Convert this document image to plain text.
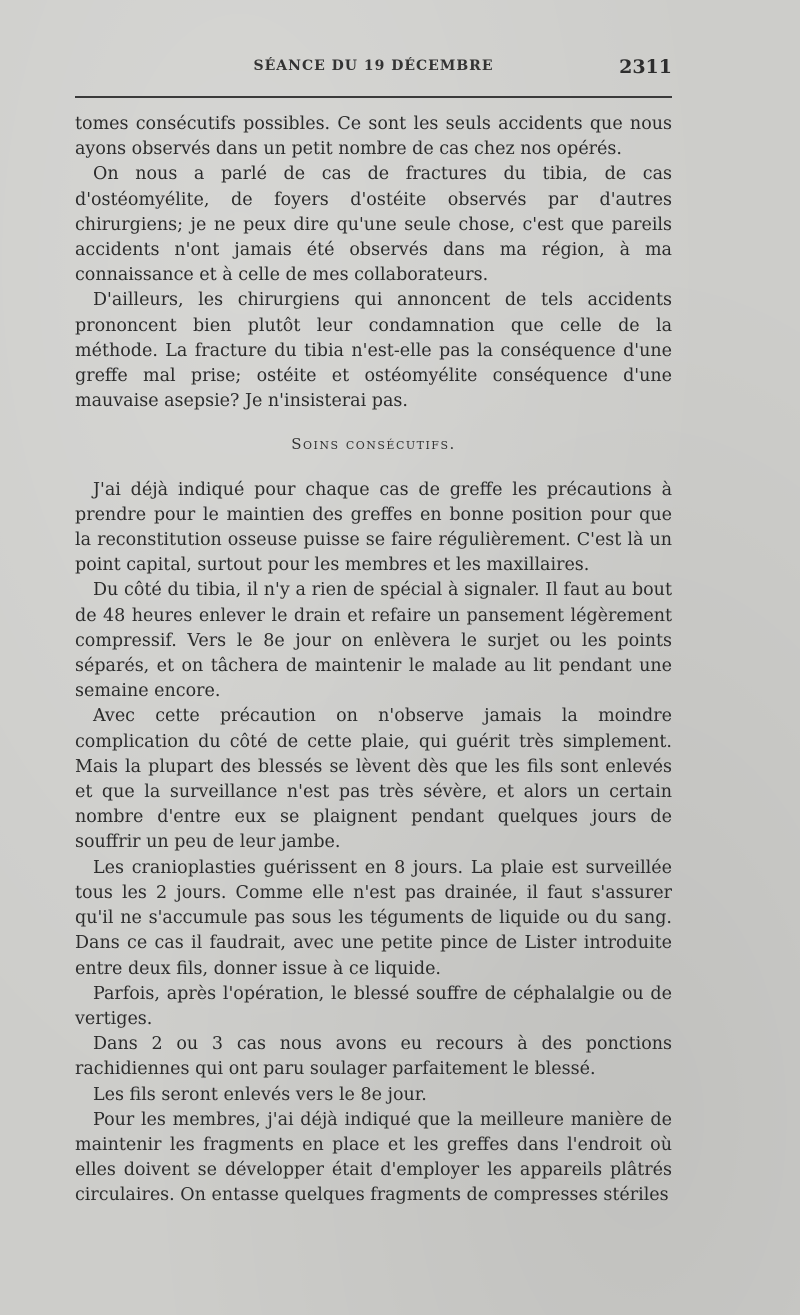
SÉANCE DU 19 DÉCEMBRE	2311

tomes consécutifs possibles. Ce sont les seuls accidents que nous ayons observés dans un petit nombre de cas chez nos opérés.

On nous a parlé de cas de fractures du tibia, de cas d'ostéomyélite, de foyers d'ostéite observés par d'autres chirurgiens; je ne peux dire qu'une seule chose, c'est que pareils accidents n'ont jamais été observés dans ma région, à ma connaissance et à celle de mes collaborateurs.

D'ailleurs, les chirurgiens qui annoncent de tels accidents prononcent bien plutôt leur condamnation que celle de la méthode. La fracture du tibia n'est-elle pas la conséquence d'une greffe mal prise; ostéite et ostéomyélite conséquence d'une mauvaise asepsie? Je n'insisterai pas.

Soins consécutifs.

J'ai déjà indiqué pour chaque cas de greffe les précautions à prendre pour le maintien des greffes en bonne position pour que la reconstitution osseuse puisse se faire régulièrement. C'est là un point capital, surtout pour les membres et les maxillaires.

Du côté du tibia, il n'y a rien de spécial à signaler. Il faut au bout de 48 heures enlever le drain et refaire un pansement légèrement compressif. Vers le 8e jour on enlèvera le surjet ou les points séparés, et on tâchera de maintenir le malade au lit pendant une semaine encore.

Avec cette précaution on n'observe jamais la moindre complication du côté de cette plaie, qui guérit très simplement. Mais la plupart des blessés se lèvent dès que les fils sont enlevés et que la surveillance n'est pas très sévère, et alors un certain nombre d'entre eux se plaignent pendant quelques jours de souffrir un peu de leur jambe.

Les cranioplasties guérissent en 8 jours. La plaie est surveillée tous les 2 jours. Comme elle n'est pas drainée, il faut s'assurer qu'il ne s'accumule pas sous les téguments de liquide ou du sang. Dans ce cas il faudrait, avec une petite pince de Lister introduite entre deux fils, donner issue à ce liquide.

Parfois, après l'opération, le blessé souffre de céphalalgie ou de vertiges.

Dans 2 ou 3 cas nous avons eu recours à des ponctions rachidiennes qui ont paru soulager parfaitement le blessé.

Les fils seront enlevés vers le 8e jour.

Pour les membres, j'ai déjà indiqué que la meilleure manière de maintenir les fragments en place et les greffes dans l'endroit où elles doivent se développer était d'employer les appareils plâtrés circulaires. On entasse quelques fragments de compresses stériles
